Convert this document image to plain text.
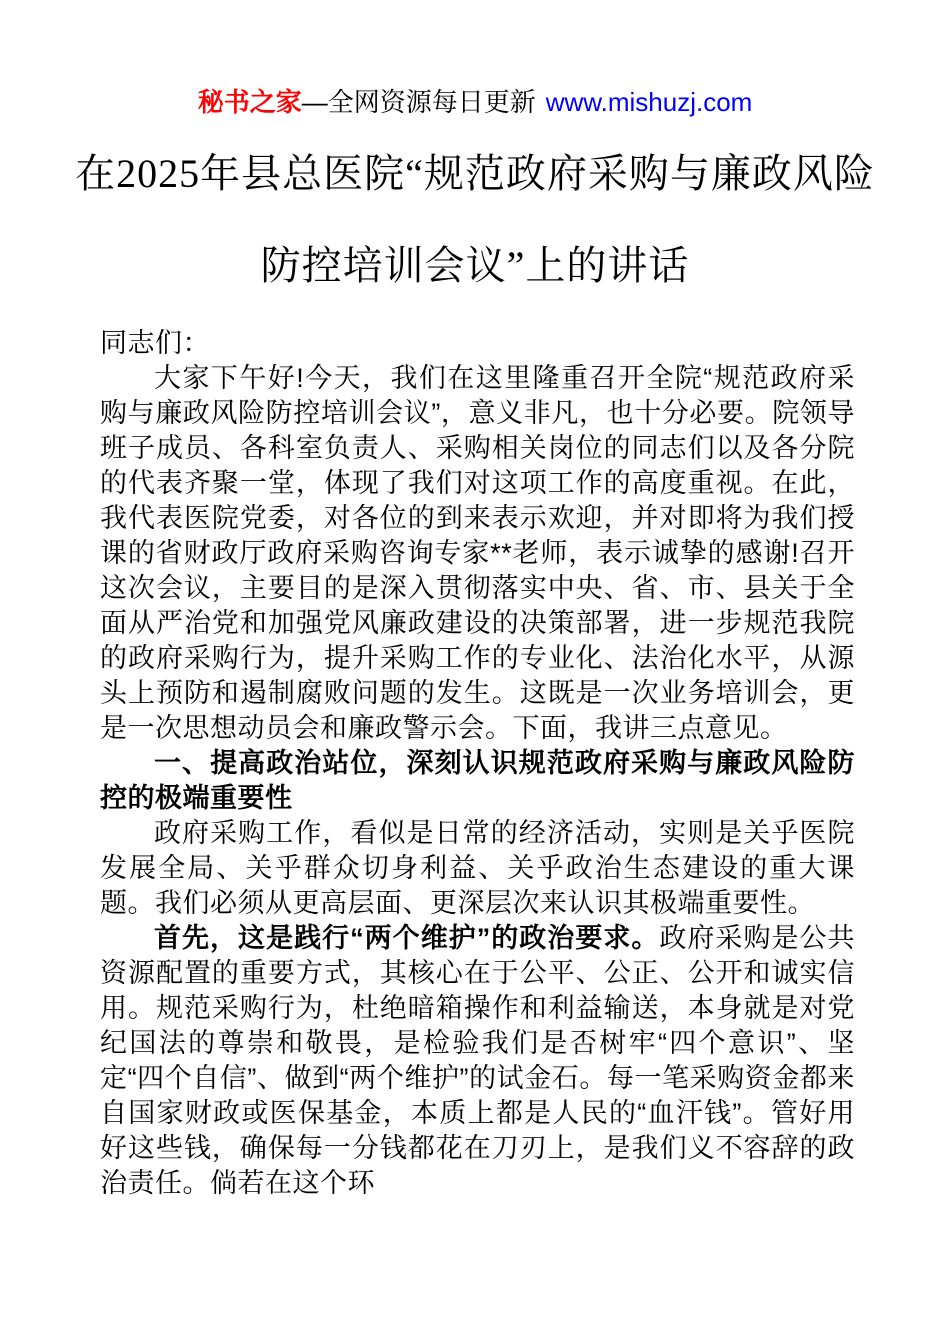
秘书之家—全网资源每日更新 www.mishuzj.com
在2025年县总医院“规范政府采购与廉政风险
防控培训会议”上的讲话

同志们：

大家下午好!今天，我们在这里隆重召开全院“规范政府采购与廉政风险防控培训会议”，意义非凡，也十分必要。院领导班子成员、各科室负责人、采购相关岗位的同志们以及各分院的代表齐聚一堂，体现了我们对这项工作的高度重视。在此，我代表医院党委，对各位的到来表示欢迎，并对即将为我们授课的省财政厅政府采购咨询专家**老师，表示诚挚的感谢!召开这次会议，主要目的是深入贯彻落实中央、省、市、县关于全面从严治党和加强党风廉政建设的决策部署，进一步规范我院的政府采购行为，提升采购工作的专业化、法治化水平，从源头上预防和遏制腐败问题的发生。这既是一次业务培训会，更是一次思想动员会和廉政警示会。下面，我讲三点意见。

一、提高政治站位，深刻认识规范政府采购与廉政风险防控的极端重要性

政府采购工作，看似是日常的经济活动，实则是关乎医院发展全局、关乎群众切身利益、关乎政治生态建设的重大课题。我们必须从更高层面、更深层次来认识其极端重要性。

首先，这是践行“两个维护”的政治要求。政府采购是公共资源配置的重要方式，其核心在于公平、公正、公开和诚实信用。规范采购行为，杜绝暗箱操作和利益输送，本身就是对党纪国法的尊崇和敬畏，是检验我们是否树牢“四个意识”、坚定“四个自信”、做到“两个维护”的试金石。每一笔采购资金都来自国家财政或医保基金，本质上都是人民的“血汗钱”。管好用好这些钱，确保每一分钱都花在刀刃上，是我们义不容辞的政治责任。倘若在这个环
